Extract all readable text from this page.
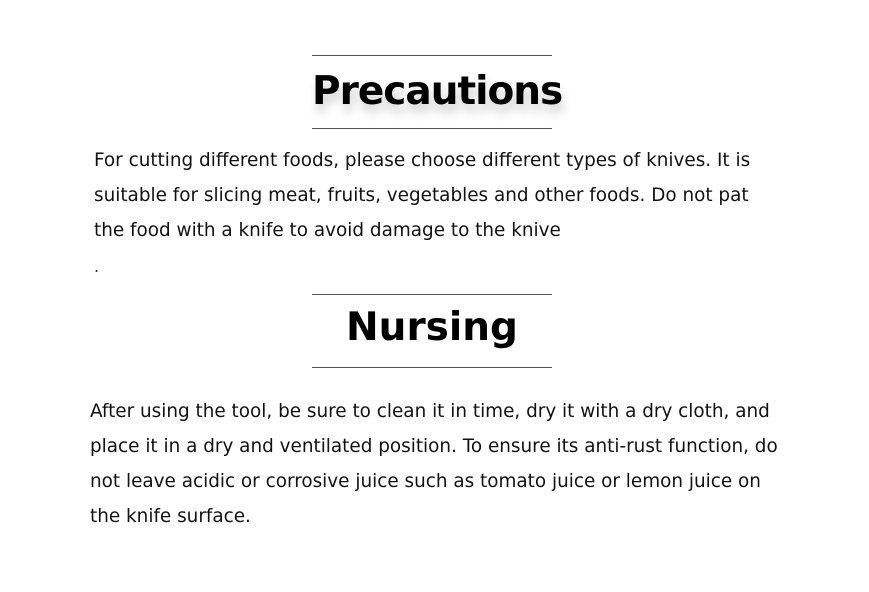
Precautions

For cutting different foods, please choose different types of knives. It is
suitable for slicing meat, fruits, vegetables and other foods. Do not pat
the food with a knife to avoid damage to the knive

.
Nursing

After using the tool, be sure to clean it in time, dry it with a dry cloth, and
place it in a dry and ventilated position. To ensure its anti-rust function, do
not leave acidic or corrosive juice such as tomato juice or lemon juice on
the knife surface.
